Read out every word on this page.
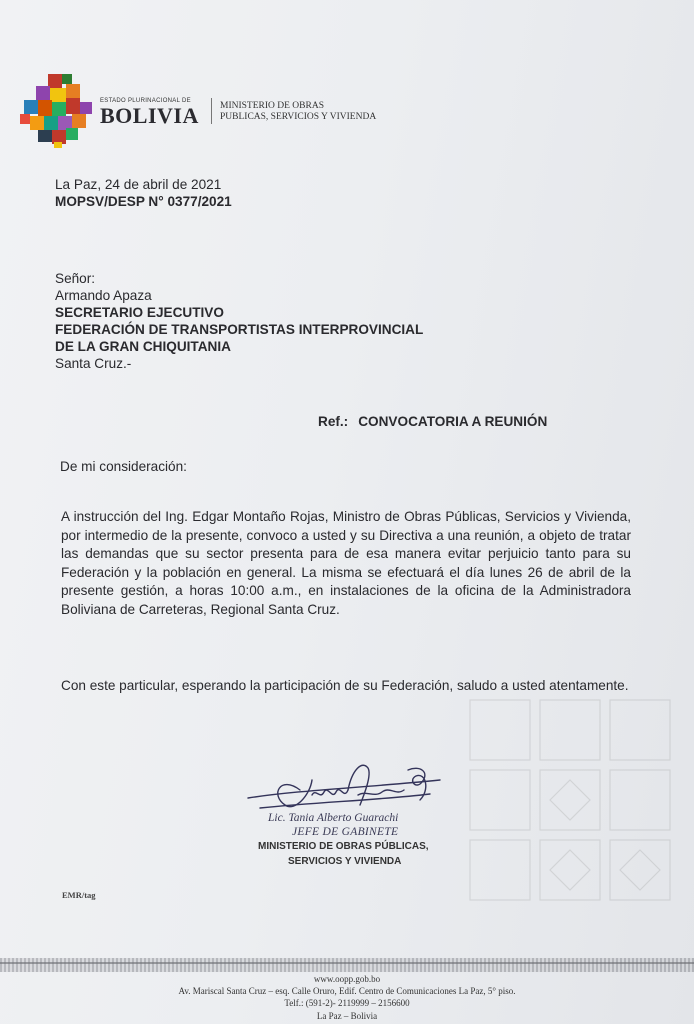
ESTADO PLURINACIONAL DE
BOLIVIA MINISTERIO DE OBRAS
PUBLICAS, SERVICIOS Y VIVIENDA
La Paz, 24 de abril de 2021
MOPSV/DESP N° 0377/2021
Señor:
Armando Apaza
SECRETARIO EJECUTIVO
FEDERACIÓN DE TRANSPORTISTAS INTERPROVINCIAL
DE LA GRAN CHIQUITANIA
Santa Cruz.-
Ref.: CONVOCATORIA A REUNIÓN
De mi consideración:
A instrucción del Ing. Edgar Montaño Rojas, Ministro de Obras Públicas, Servicios y Vivienda, por intermedio de la presente, convoco a usted y su Directiva a una reunión, a objeto de tratar las demandas que su sector presenta para de esa manera evitar perjuicio tanto para su Federación y la población en general. La misma se efectuará el día lunes 26 de abril de la presente gestión, a horas 10:00 a.m., en instalaciones de la oficina de la Administradora Boliviana de Carreteras, Regional Santa Cruz.
Con este particular, esperando la participación de su Federación, saludo a usted atentamente.
Lic. Tania Alberto Guarachi
JEFE DE GABINETE
MINISTERIO DE OBRAS PÚBLICAS,
SERVICIOS Y VIVIENDA
EMR/tag
www.oopp.gob.bo
Av. Mariscal Santa Cruz – esq. Calle Oruro, Edif. Centro de Comunicaciones La Paz, 5° piso.
Telf.: (591-2)- 2119999 – 2156600
La Paz – Bolivia
